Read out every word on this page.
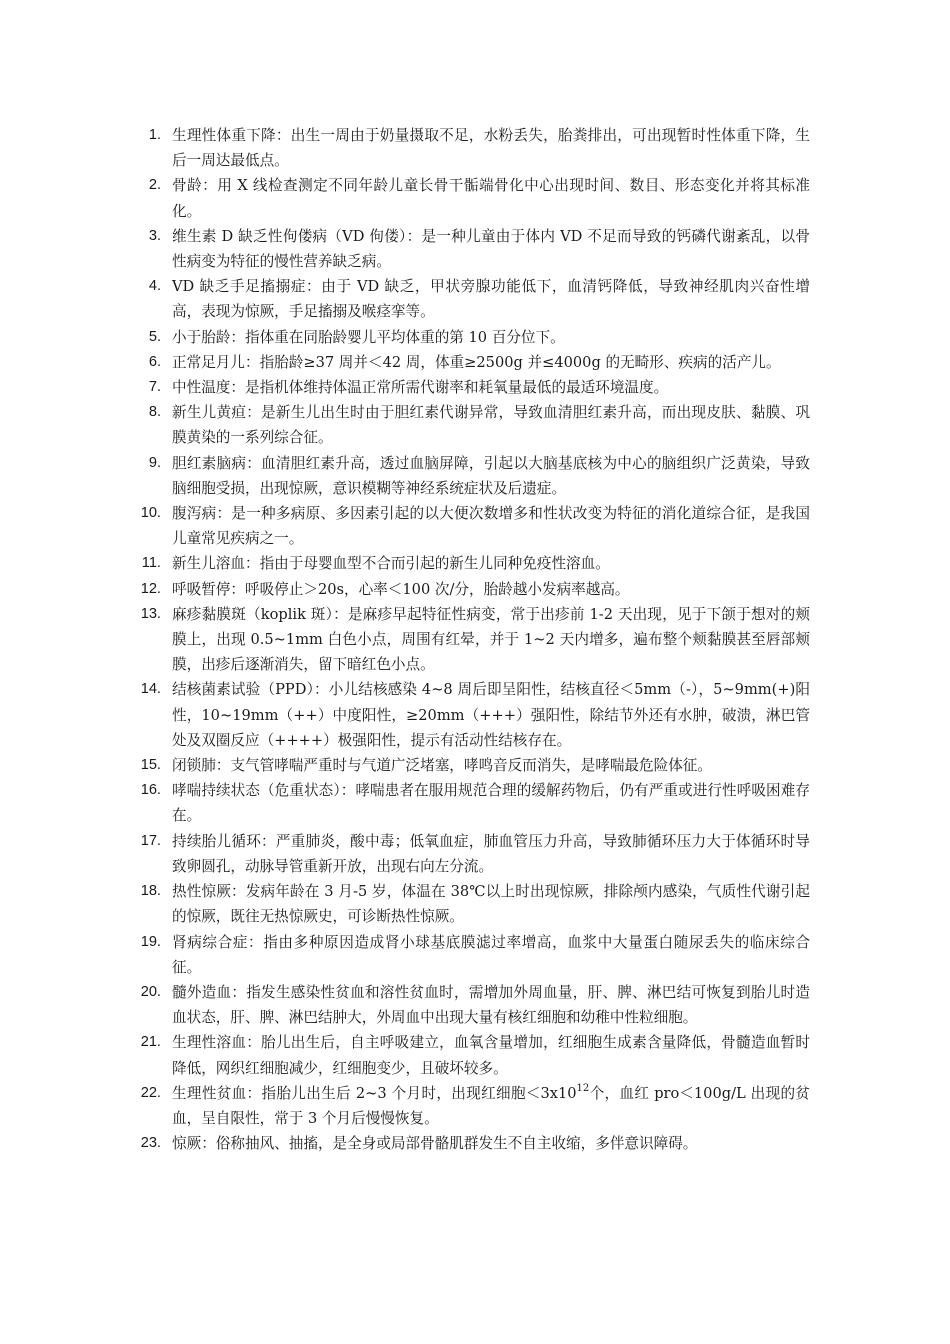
1. 生理性体重下降：出生一周由于奶量摄取不足，水粉丢失，胎粪排出，可出现暂时性体重下降，生后一周达最低点。
2. 骨龄：用 X 线检查测定不同年龄儿童长骨干骺端骨化中心出现时间、数目、形态变化并将其标准化。
3. 维生素 D 缺乏性佝偻病（VD 佝偻）：是一种儿童由于体内 VD 不足而导致的钙磷代谢紊乱，以骨性病变为特征的慢性营养缺乏病。
4. VD 缺乏手足搐搦症：由于 VD 缺乏，甲状旁腺功能低下，血清钙降低，导致神经肌肉兴奋性增高，表现为惊厥，手足搐搦及喉痉挛等。
5. 小于胎龄：指体重在同胎龄婴儿平均体重的第 10 百分位下。
6. 正常足月儿：指胎龄≥37 周并＜42 周，体重≥2500g 并≤4000g 的无畸形、疾病的活产儿。
7. 中性温度：是指机体维持体温正常所需代谢率和耗氧量最低的最适环境温度。
8. 新生儿黄疸：是新生儿出生时由于胆红素代谢异常，导致血清胆红素升高，而出现皮肤、黏膜、巩膜黄染的一系列综合征。
9. 胆红素脑病：血清胆红素升高，透过血脑屏障，引起以大脑基底核为中心的脑组织广泛黄染，导致脑细胞受损，出现惊厥，意识模糊等神经系统症状及后遗症。
10. 腹泻病：是一种多病原、多因素引起的以大便次数增多和性状改变为特征的消化道综合征，是我国儿童常见疾病之一。
11. 新生儿溶血：指由于母婴血型不合而引起的新生儿同种免疫性溶血。
12. 呼吸暂停：呼吸停止＞20s，心率＜100 次/分，胎龄越小发病率越高。
13. 麻疹黏膜斑（koplik 斑）：是麻疹早起特征性病变，常于出疹前 1-2 天出现，见于下颌于想对的颊膜上，出现 0.5~1mm 白色小点，周围有红晕，并于 1~2 天内增多，遍布整个颊黏膜甚至唇部颊膜，出疹后逐渐消失，留下暗红色小点。
14. 结核菌素试验（PPD）：小儿结核感染 4~8 周后即呈阳性，结核直径＜5mm（-），5~9mm(+)阳性，10~19mm（++）中度阳性，≥20mm（+++）强阳性，除结节外还有水肿，破溃，淋巴管处及双圈反应（++++）极强阳性，提示有活动性结核存在。
15. 闭锁肺：支气管哮喘严重时与气道广泛堵塞，哮鸣音反而消失，是哮喘最危险体征。
16. 哮喘持续状态（危重状态）：哮喘患者在服用规范合理的缓解药物后，仍有严重或进行性呼吸困难存在。
17. 持续胎儿循环：严重肺炎，酸中毒；低氧血症，肺血管压力升高，导致肺循环压力大于体循环时导致卵圆孔，动脉导管重新开放，出现右向左分流。
18. 热性惊厥：发病年龄在 3 月-5 岁，体温在 38℃以上时出现惊厥，排除颅内感染，气质性代谢引起的惊厥，既往无热惊厥史，可诊断热性惊厥。
19. 肾病综合症：指由多种原因造成肾小球基底膜滤过率增高，血浆中大量蛋白随尿丢失的临床综合征。
20. 髓外造血：指发生感染性贫血和溶性贫血时，需增加外周血量，肝、脾、淋巴结可恢复到胎儿时造血状态，肝、脾、淋巴结肿大，外周血中出现大量有核红细胞和幼稚中性粒细胞。
21. 生理性溶血：胎儿出生后，自主呼吸建立，血氧含量增加，红细胞生成素含量降低，骨髓造血暂时降低，网织红细胞减少，红细胞变少，且破坏较多。
22. 生理性贫血：指胎儿出生后 2~3 个月时，出现红细胞$<3x10^{12}$个，血红 pro＜100g/L 出现的贫血，呈自限性，常于 3 个月后慢慢恢复。
23. 惊厥：俗称抽风、抽搐，是全身或局部骨骼肌群发生不自主收缩，多伴意识障碍。
